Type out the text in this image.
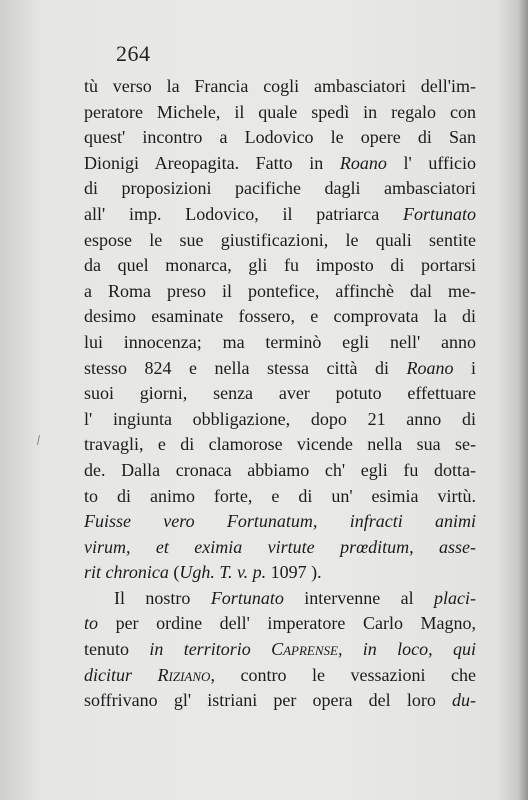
264
tù verso la Francia cogli ambasciatori dell'im-
peratore Michele, il quale spedì in regalo con
quest' incontro a Lodovico le opere di San
Dionigi Areopagita. Fatto in Roano l' ufficio
di proposizioni pacifiche dagli ambasciatori
all' imp. Lodovico, il patriarca Fortunato
espose le sue giustificazioni, le quali sentite
da quel monarca, gli fu imposto di portarsi
a Roma preso il pontefice, affinchè dal me-
desimo esaminate fossero, e comprovata la di
lui innocenza; ma terminò egli nell' anno
stesso 824 e nella stessa città di Roano i
suoi giorni, senza aver potuto effettuare
l' ingiunta obbligazione, dopo 21 anno di
travagli, e di clamorose vicende nella sua se-
de. Dalla cronaca abbiamo ch' egli fu dotta-
to di animo forte, e di un' esimia virtù.
Fuisse vero Fortunatum, infracti animi
virum, et eximia virtute prœditum, asse-
rit chronica (Ugh. T. v. p. 1097 ).
Il nostro Fortunato intervenne al placi-
to per ordine dell' imperatore Carlo Magno,
tenuto in territorio Caprense, in loco, qui
dicitur Riziano, contro le vessazioni che
soffrivano gl' istriani per opera del loro du-
